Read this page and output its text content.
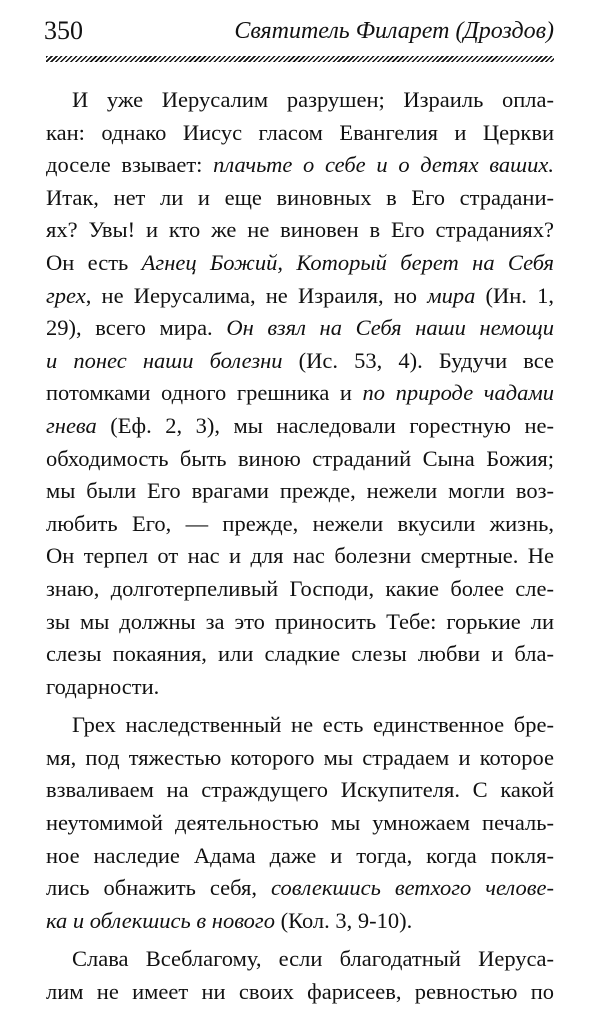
350	Святитель Филарет (Дроздов)
И уже Иерусалим разрушен; Израиль опла-
кан: однако Иисус гласом Евангелия и Церкви
доселе взывает: плачьте о себе и о детях ваших.
Итак, нет ли и еще виновных в Его страдани-
ях? Увы! и кто же не виновен в Его страданиях?
Он есть Агнец Божий, Который берет на Себя
грех, не Иерусалима, не Израиля, но мира (Ин. 1,
29), всего мира. Он взял на Себя наши немощи
и понес наши болезни (Ис. 53, 4). Будучи все
потомками одного грешника и по природе чадами
гнева (Еф. 2, 3), мы наследовали горестную не-
обходимость быть виною страданий Сына Божия;
мы были Его врагами прежде, нежели могли воз-
любить Его, — прежде, нежели вкусили жизнь,
Он терпел от нас и для нас болезни смертные. Не
знаю, долготерпеливый Господи, какие более сле-
зы мы должны за это приносить Тебе: горькие ли
слезы покаяния, или сладкие слезы любви и бла-
годарности.
Грех наследственный не есть единственное бре-
мя, под тяжестью которого мы страдаем и которое
взваливаем на страждущего Искупителя. С какой
неутомимой деятельностью мы умножаем печаль-
ное наследие Адама даже и тогда, когда покля-
лись обнажить себя, совлекшись ветхого челове-
ка и облекшись в нового (Кол. 3, 9-10).
Слава Всеблагому, если благодатный Иерусa-
лим не имеет ни своих фарисеев, ревностью по
